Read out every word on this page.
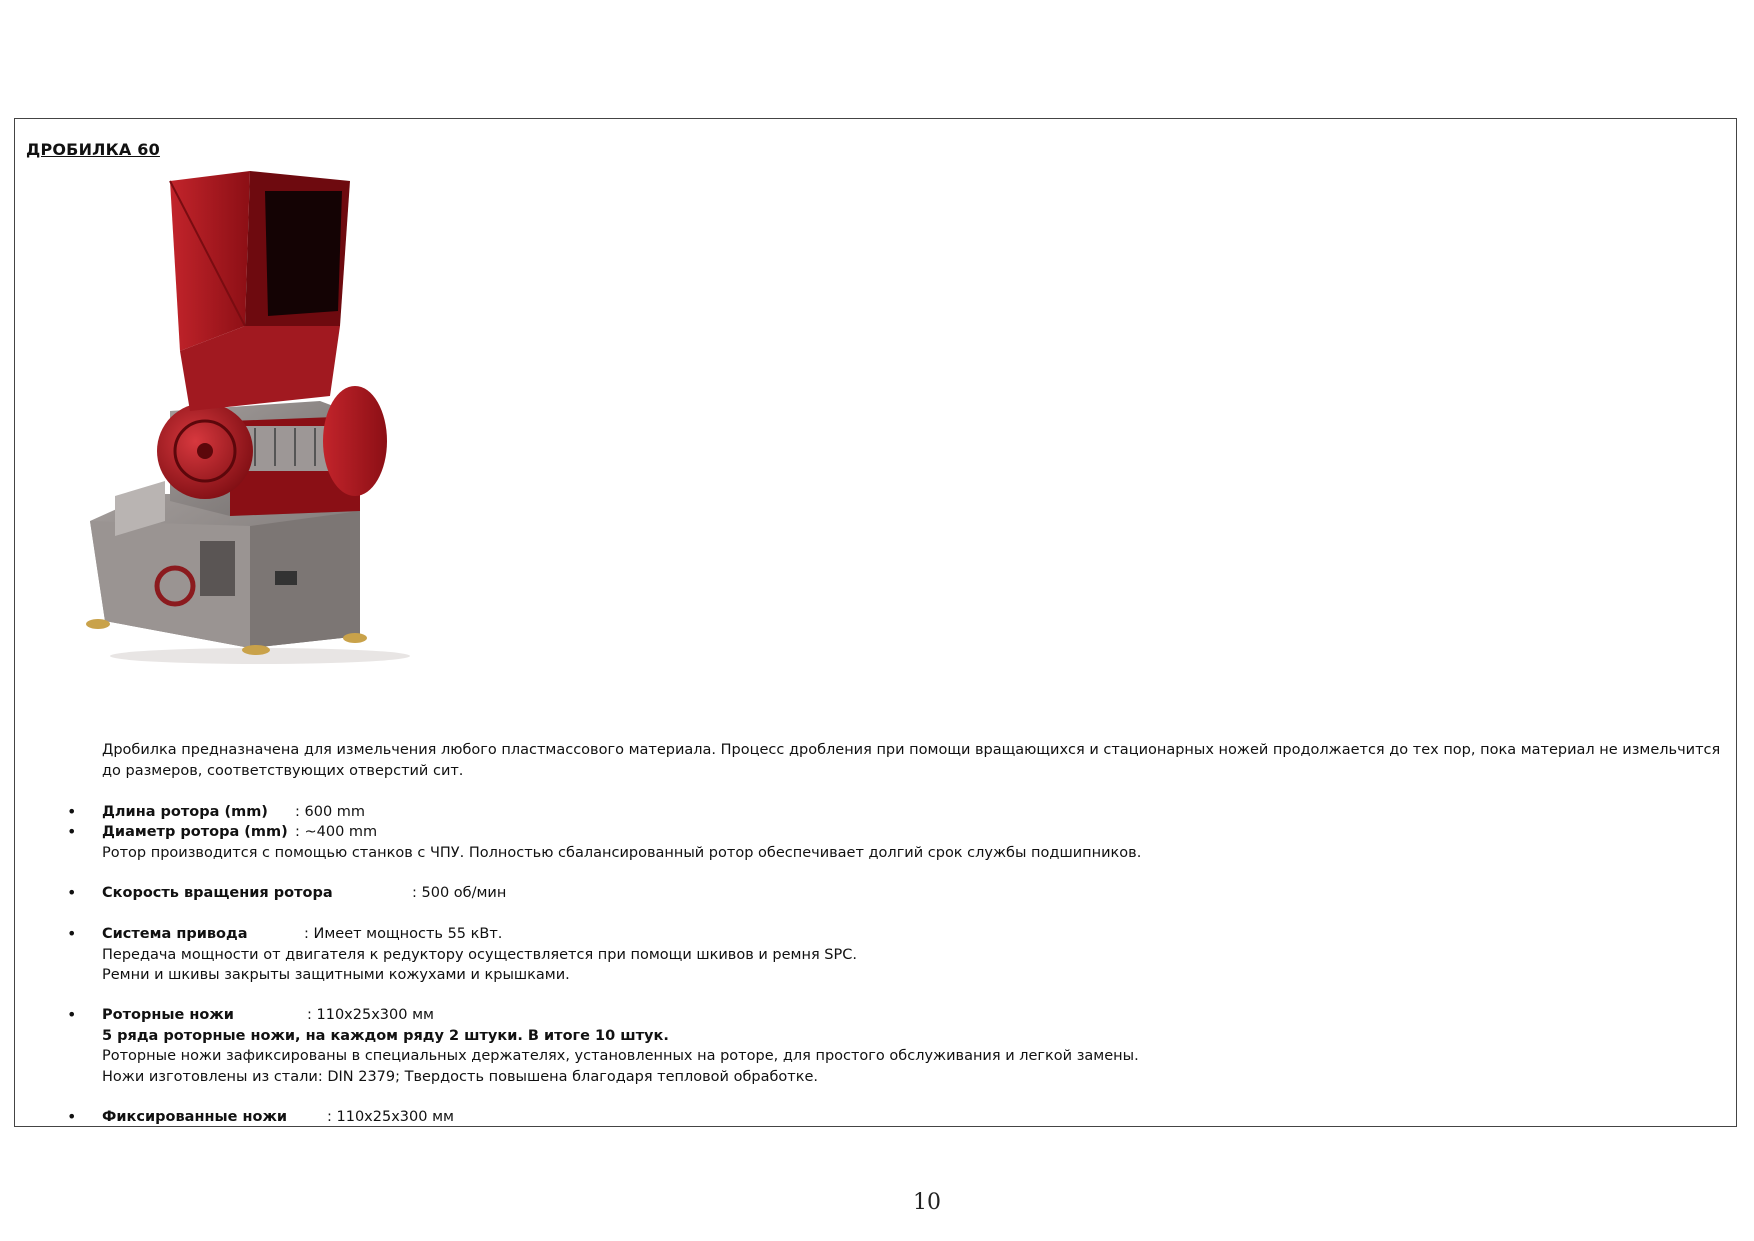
ДРОБИЛКА 60
Дробилка предназначена для измельчения любого пластмассового материала. Процесс дробления при помощи вращающихся и стационарных ножей продолжается до тех пор, пока материал не измельчится
до размеров, соответствующих отверстий сит.
• Длина ротора (mm) : 600 mm
• Диаметр ротора (mm) : ~400 mm
Ротор производится с помощью станков с ЧПУ. Полностью сбалансированный ротор обеспечивает долгий срок службы подшипников.
• Скорость вращения ротора	: 500 об/мин
• Система привода	: Имеет мощность 55 кВт.
Передача мощности от двигателя к редуктору осуществляется при помощи шкивов и ремня SPC.
Ремни и шкивы закрыты защитными кожухами и крышками.
• Роторные ножи	: 110x25x300 мм
5 ряда роторные ножи, на каждом ряду 2 штуки. В итоге 10 штук.
Роторные ножи зафиксированы в специальных держателях, установленных на роторе, для простого обслуживания и легкой замены.
Ножи изготовлены из стали: DIN 2379; Твердость повышена благодаря тепловой обработке.
• Фиксированные ножи	: 110x25x300 мм
10
